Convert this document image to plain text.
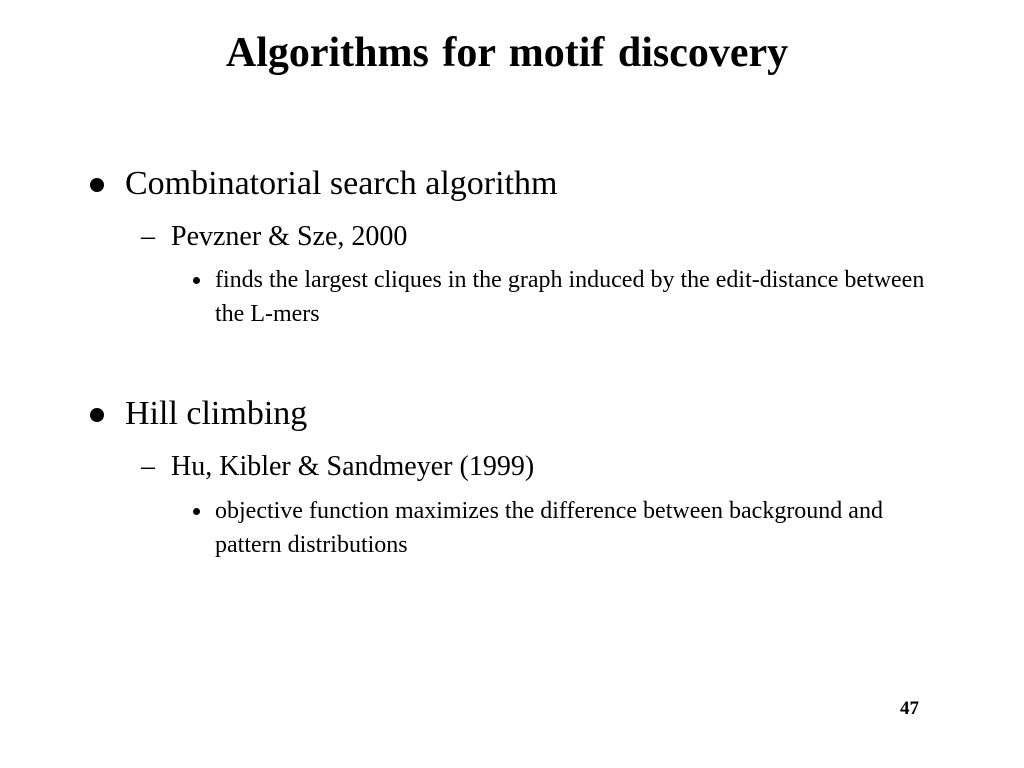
Algorithms for motif discovery
Combinatorial search algorithm
– Pevzner & Sze, 2000
finds the largest cliques in the graph induced by the edit-distance between the L-mers
Hill climbing
– Hu, Kibler & Sandmeyer (1999)
objective function maximizes the difference between background and pattern distributions
47
